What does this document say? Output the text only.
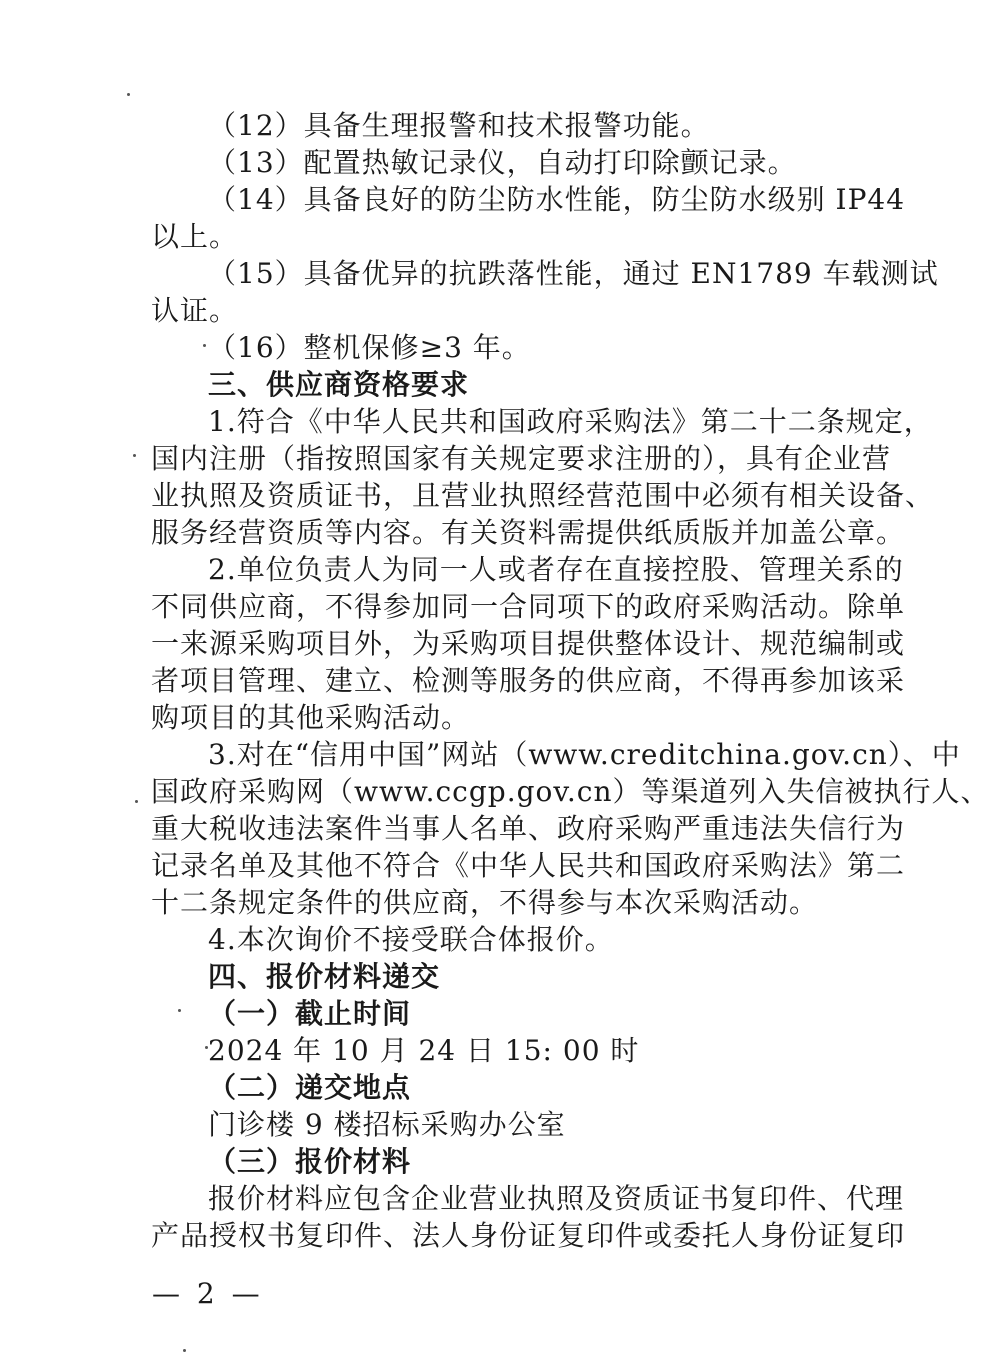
（12）具备生理报警和技术报警功能。
（13）配置热敏记录仪，自动打印除颤记录。
（14）具备良好的防尘防水性能，防尘防水级别 IP44
以上。
（15）具备优异的抗跌落性能，通过 EN1789 车载测试
认证。
（16）整机保修≥3 年。
三、供应商资格要求
1.符合《中华人民共和国政府采购法》第二十二条规定，
国内注册（指按照国家有关规定要求注册的），具有企业营
业执照及资质证书，且营业执照经营范围中必须有相关设备、
服务经营资质等内容。有关资料需提供纸质版并加盖公章。
2.单位负责人为同一人或者存在直接控股、管理关系的
不同供应商，不得参加同一合同项下的政府采购活动。除单
一来源采购项目外，为采购项目提供整体设计、规范编制或
者项目管理、建立、检测等服务的供应商，不得再参加该采
购项目的其他采购活动。
3.对在“信用中国”网站（www.creditchina.gov.cn）、中
国政府采购网（www.ccgp.gov.cn）等渠道列入失信被执行人、
重大税收违法案件当事人名单、政府采购严重违法失信行为
记录名单及其他不符合《中华人民共和国政府采购法》第二
十二条规定条件的供应商，不得参与本次采购活动。
4.本次询价不接受联合体报价。
四、报价材料递交
（一）截止时间
2024 年 10 月 24 日 15: 00 时
（二）递交地点
门诊楼 9 楼招标采购办公室
（三）报价材料
报价材料应包含企业营业执照及资质证书复印件、代理
产品授权书复印件、法人身份证复印件或委托人身份证复印
— 2 —
